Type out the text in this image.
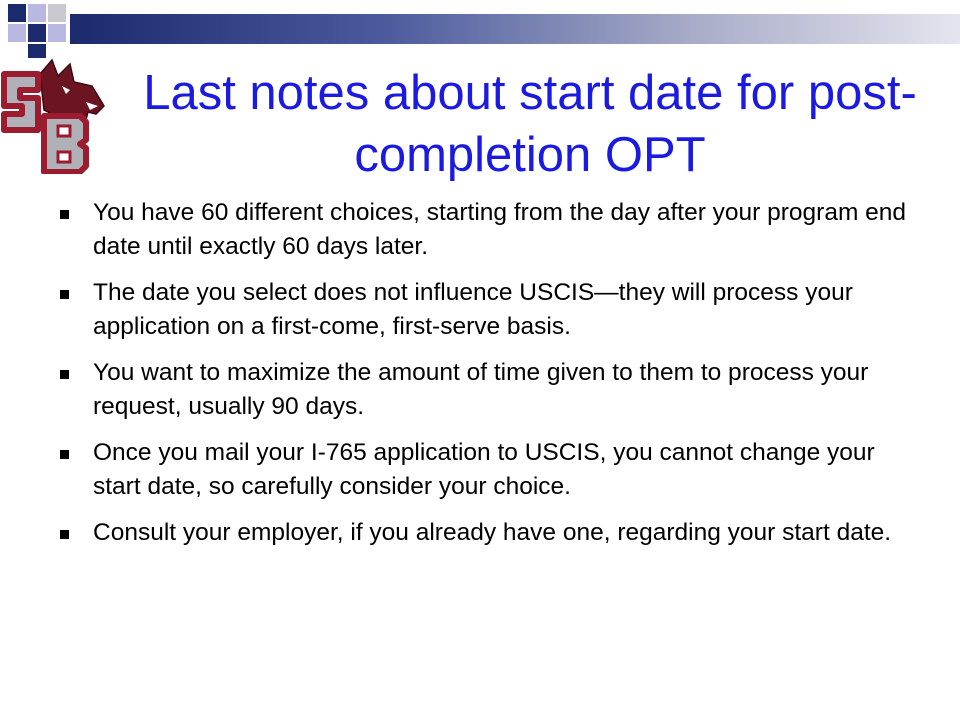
Last notes about start date for post-completion OPT
You have 60 different choices, starting from the day after your program end date until exactly 60 days later.
The date you select does not influence USCIS—they will process your application on a first-come, first-serve basis.
You want to maximize the amount of time given to them to process your request, usually 90 days.
Once you mail your I-765 application to USCIS, you cannot change your start date, so carefully consider your choice.
Consult your employer, if you already have one, regarding your start date.
